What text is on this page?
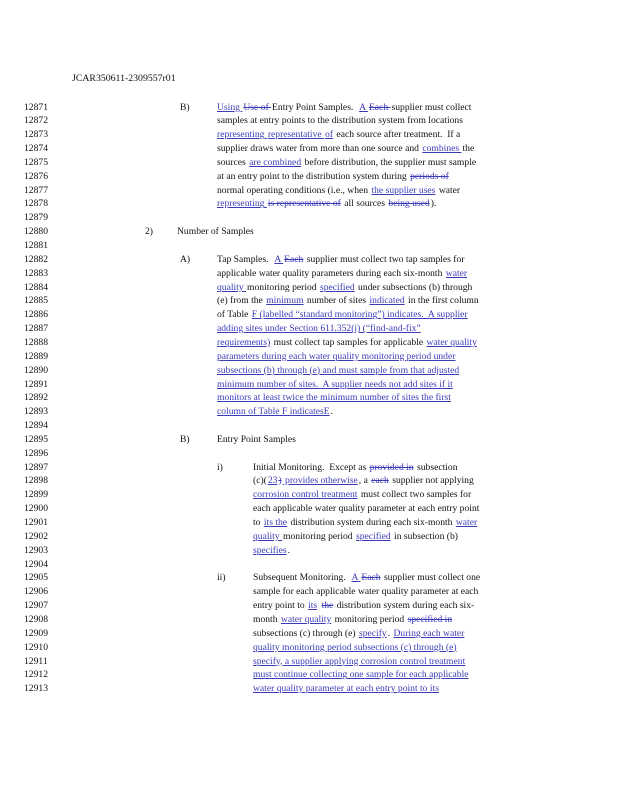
JCAR350611-2309557r01
12871	B)	Using Use of Entry Point Samples. A Each supplier must collect
12872	samples at entry points to the distribution system from locations
12873	representing representative of each source after treatment.  If a
12874	supplier draws water from more than one source and combines the
12875	sources are combined before distribution, the supplier must sample
12876	at an entry point to the distribution system during periods of
12877	normal operating conditions (i.e., when the supplier uses water
12878	representing is representative of all sources being used ).
12879
12880	2)	Number of Samples
12881
12882	A)	Tap Samples. A Each supplier must collect two tap samples for
12883	applicable water quality parameters during each six-month water
12884	quality monitoring period specified under subsections (b) through
12885	(e) from the minimum number of sites indicated in the first column
12886	of Table F (labelled “standard monitoring”) indicates.  A supplier
12887	adding sites under Section 611.352(j) (“find-and-fix”
12888	requirements) must collect tap samples for applicable water quality
12889	parameters during each water quality monitoring period under
12890	subsections (b) through (e) and must sample from that adjusted
12891	minimum number of sites.  A supplier needs not add sites if it
12892	monitors at least twice the minimum number of sites the first
12893	column of Table F indicatesE .
12894
12895	B)	Entry Point Samples
12896
12897	i)	Initial Monitoring.  Except as provided in subsection
12898	(c)( 23 ) provides otherwise , a each supplier not applying
12899	corrosion control treatment must collect two samples for
12900	each applicable water quality parameter at each entry point
12901	to its the distribution system during each six-month water
12902	quality monitoring period specified in subsection (b)
12903	specifies .
12904
12905	ii)	Subsequent Monitoring. A Each supplier must collect one
12906	sample for each applicable water quality parameter at each
12907	entry point to its
the distribution system during each six-
12908	month water quality monitoring period specified in
12909	subsections (c) through (e) specify . During each water
12910	quality monitoring period subsections (c) through (e)
12911	specify, a supplier applying corrosion control treatment
12912	must continue collecting one sample for each applicable
12913	water quality parameter at each entry point to its
